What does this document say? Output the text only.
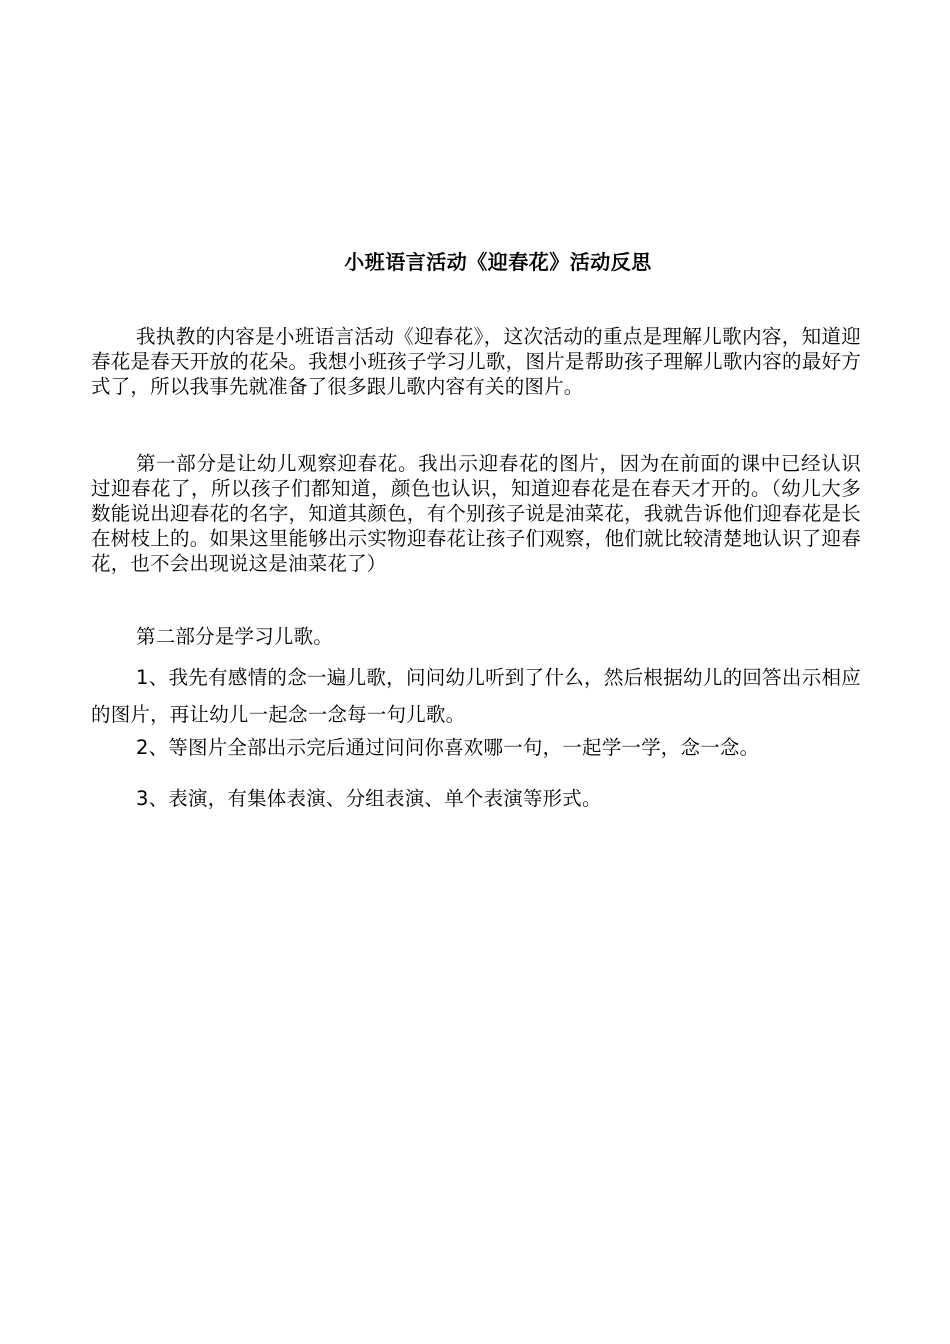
小班语言活动《迎春花》活动反思

我执教的内容是小班语言活动《迎春花》，这次活动的重点是理解儿歌内容，知道迎春花是春天开放的花朵。我想小班孩子学习儿歌，图片是帮助孩子理解儿歌内容的最好方式了，所以我事先就准备了很多跟儿歌内容有关的图片。

第一部分是让幼儿观察迎春花。我出示迎春花的图片，因为在前面的课中已经认识过迎春花了，所以孩子们都知道，颜色也认识，知道迎春花是在春天才开的。（幼儿大多数能说出迎春花的名字，知道其颜色，有个别孩子说是油菜花，我就告诉他们迎春花是长在树枝上的。如果这里能够出示实物迎春花让孩子们观察，他们就比较清楚地认识了迎春花，也不会出现说这是油菜花了）

第二部分是学习儿歌。

1、我先有感情的念一遍儿歌，问问幼儿听到了什么，然后根据幼儿的回答出示相应的图片，再让幼儿一起念一念每一句儿歌。

2、等图片全部出示完后通过问问你喜欢哪一句，一起学一学，念一念。

3、表演，有集体表演、分组表演、单个表演等形式。
